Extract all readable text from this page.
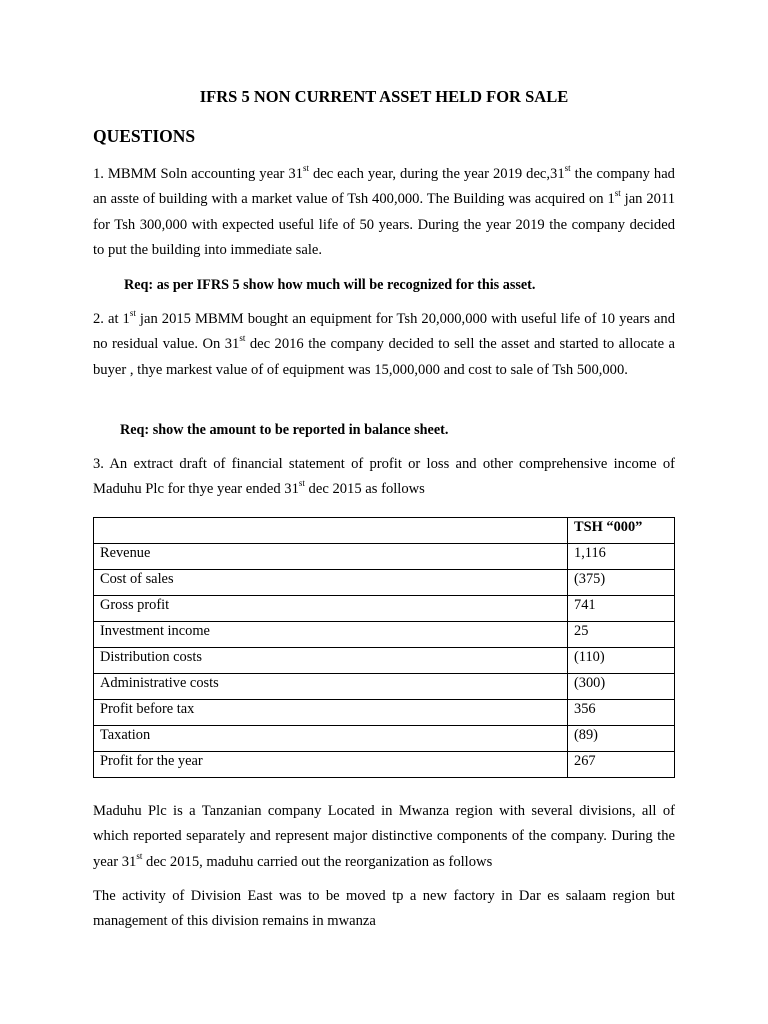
IFRS 5 NON CURRENT ASSET HELD FOR SALE
QUESTIONS

1. MBMM Soln accounting year 31st dec each year, during the year 2019 dec,31st the company had an asste of building with a market value of Tsh 400,000. The Building was acquired on 1st jan 2011 for Tsh 300,000 with expected useful life of 50 years. During the year 2019 the company decided to put the building into immediate sale.

Req: as per IFRS 5 show how much will be recognized for this asset.

2. at 1st jan 2015 MBMM bought an equipment for Tsh 20,000,000 with useful life of 10 years and no residual value. On 31st dec 2016 the company decided to sell the asset and started to allocate a buyer , thye markest value of of equipment was 15,000,000 and cost to sale of Tsh 500,000.

Req: show the amount to be reported in balance sheet.

3. An extract draft of financial statement of profit or loss and other comprehensive income of Maduhu Plc for thye year ended 31st dec 2015 as follows

	TSH “000”
Revenue	1,116
Cost of sales	(375)
Gross profit	741
Investment income	25
Distribution costs	(110)
Administrative costs	(300)
Profit before tax	356
Taxation	(89)
Profit for the year	267

Maduhu Plc is a Tanzanian company Located in Mwanza region with several divisions, all of which reported separately and represent major distinctive components of the company. During the year 31st dec 2015, maduhu carried out the reorganization as follows

The activity of Division East was to be moved tp a new factory in Dar es salaam region but management of this division remains in mwanza
